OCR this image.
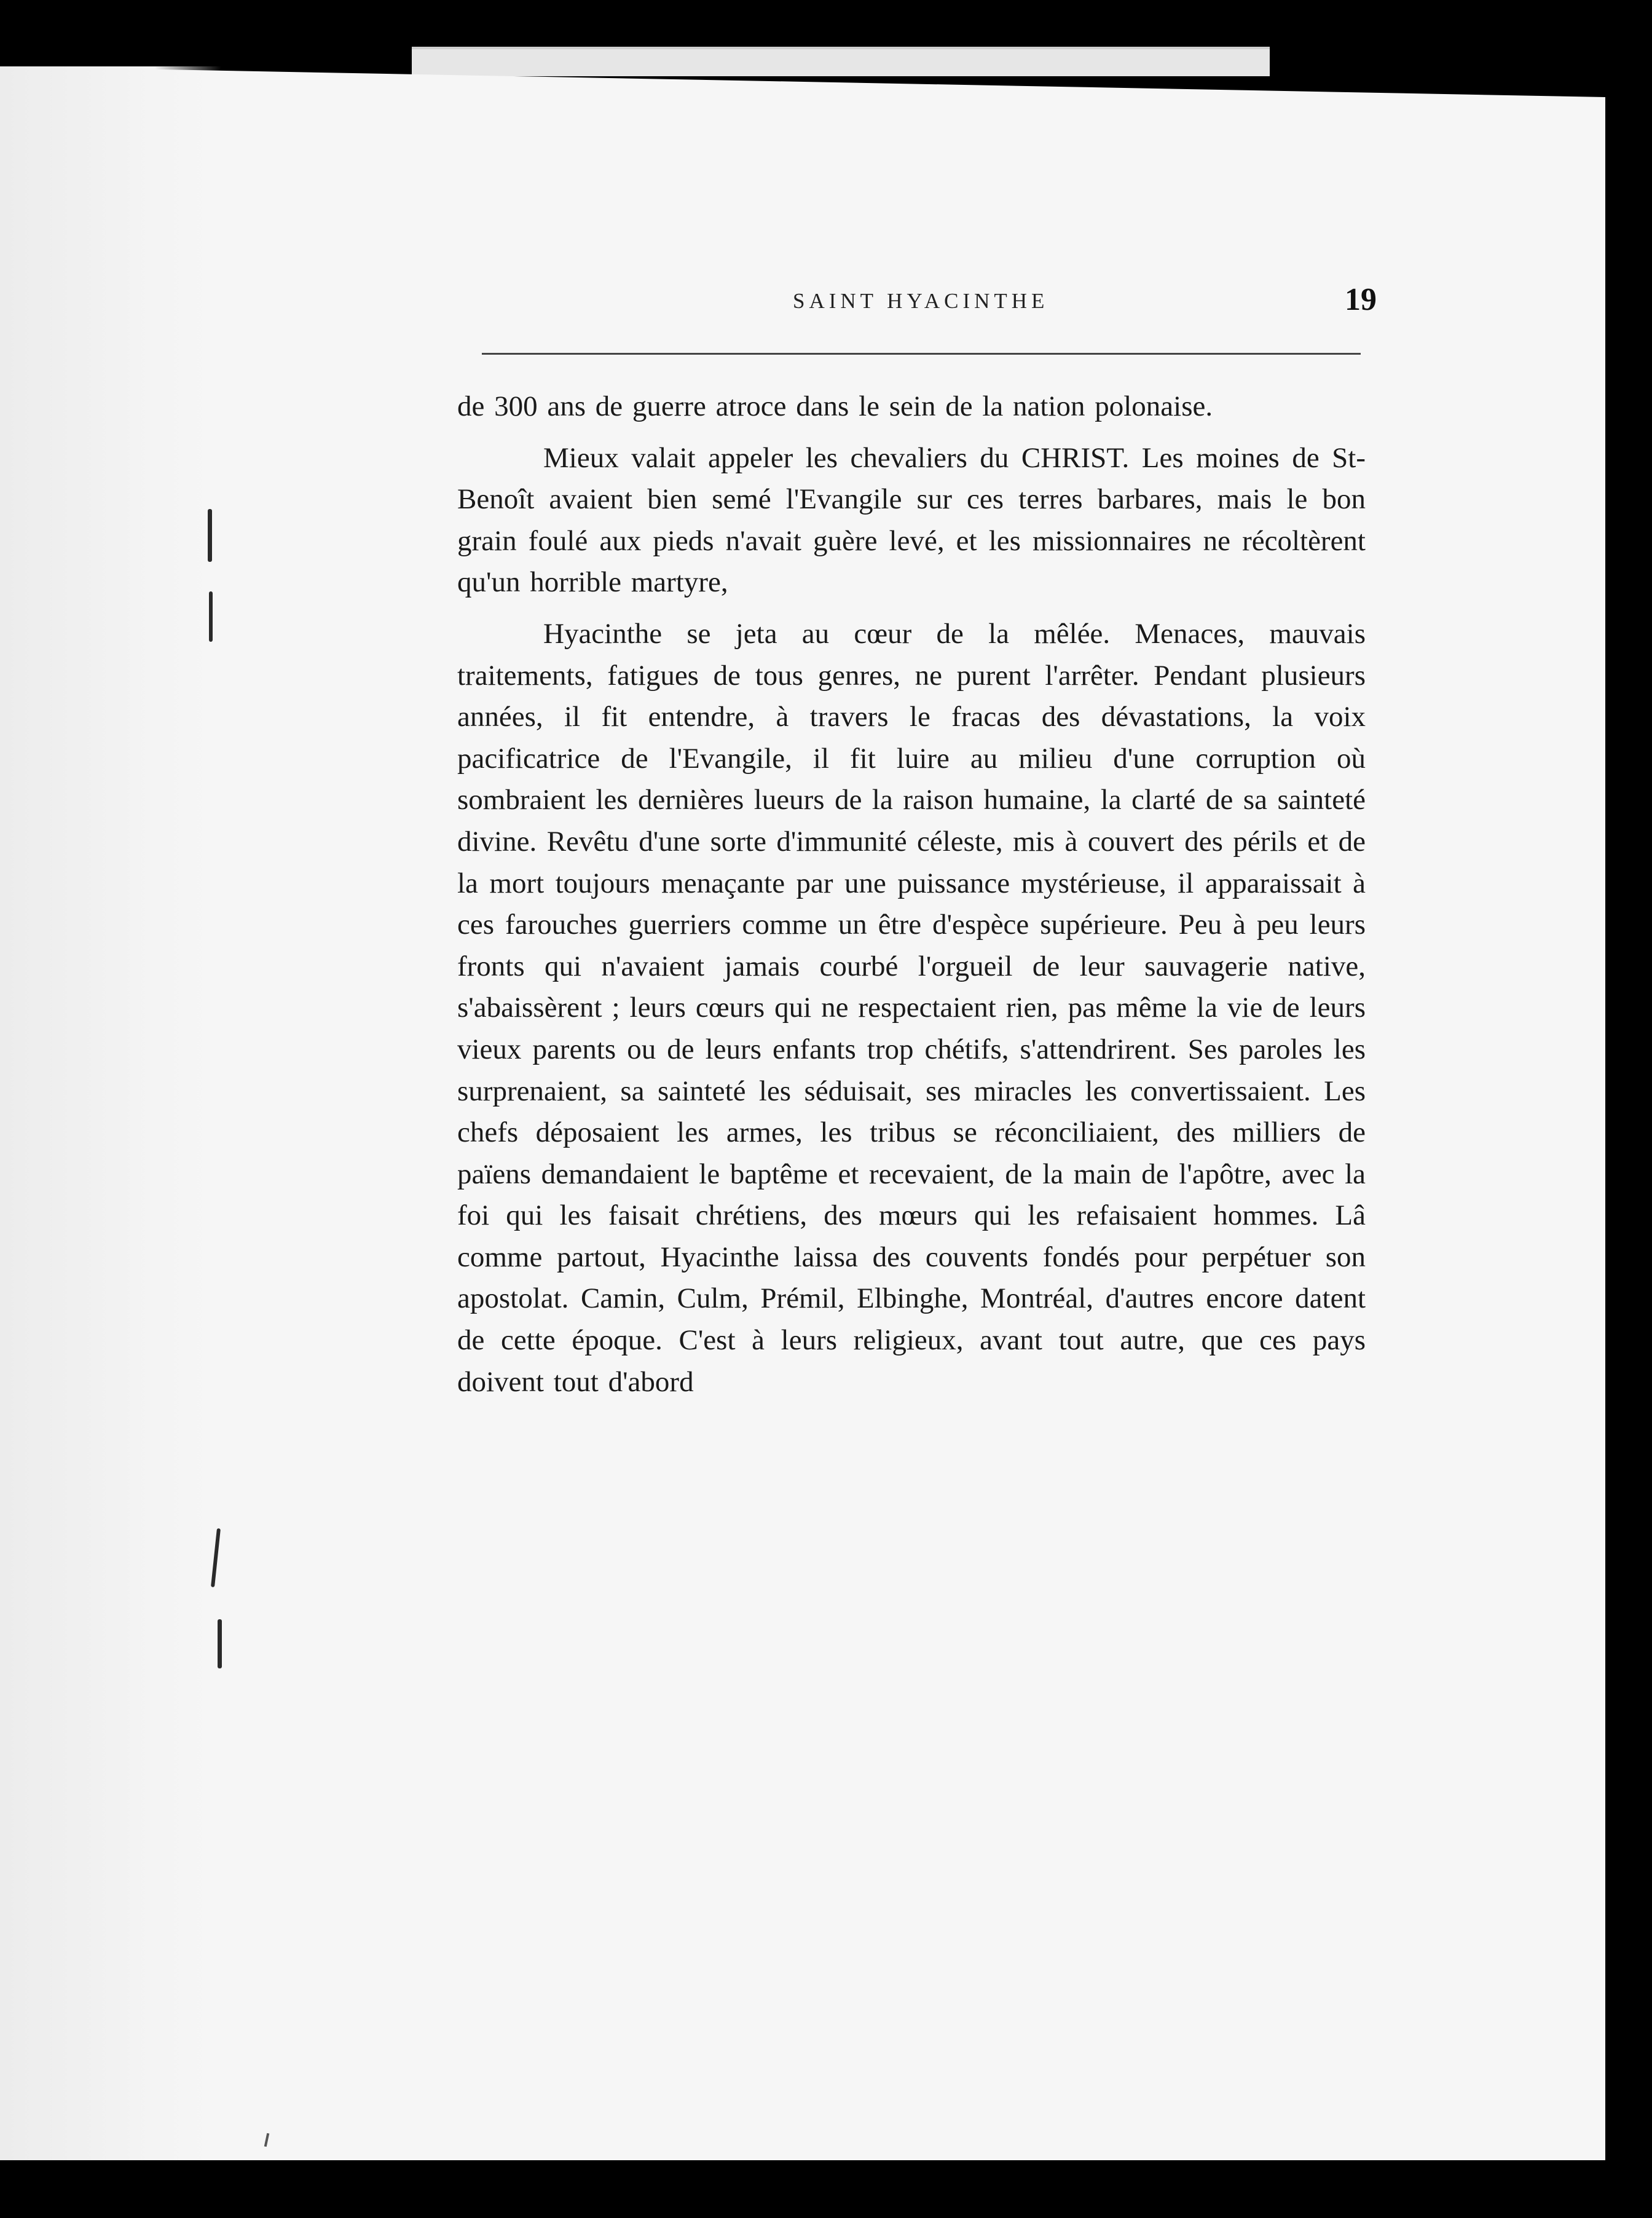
SAINT HYACINTHE	19

de 300 ans de guerre atroce dans le sein de la nation polonaise.

Mieux valait appeler les chevaliers du CHRIST. Les moines de St-Benoît avaient bien semé l'Evangile sur ces terres barbares, mais le bon grain foulé aux pieds n'avait guère levé, et les missionnaires ne récoltèrent qu'un horrible martyre,

Hyacinthe se jeta au cœur de la mêlée. Menaces, mauvais traitements, fatigues de tous genres, ne purent l'arrêter. Pendant plusieurs années, il fit entendre, à travers le fracas des dévastations, la voix pacificatrice de l'Evangile, il fit luire au milieu d'une corruption où sombraient les dernières lueurs de la raison humaine, la clarté de sa sainteté divine. Revêtu d'une sorte d'immunité céleste, mis à couvert des périls et de la mort toujours menaçante par une puissance mystérieuse, il apparaissait à ces farouches guerriers comme un être d'espèce supérieure. Peu à peu leurs fronts qui n'avaient jamais courbé l'orgueil de leur sauvagerie native, s'abaissèrent ; leurs cœurs qui ne respectaient rien, pas même la vie de leurs vieux parents ou de leurs enfants trop chétifs, s'attendrirent. Ses paroles les surprenaient, sa sainteté les séduisait, ses miracles les convertissaient. Les chefs déposaient les armes, les tribus se réconciliaient, des milliers de païens demandaient le baptême et recevaient, de la main de l'apôtre, avec la foi qui les faisait chrétiens, des mœurs qui les refaisaient hommes. Lâ comme partout, Hyacinthe laissa des couvents fondés pour perpétuer son apostolat. Camin, Culm, Prémil, Elbinghe, Montréal, d'autres encore datent de cette époque. C'est à leurs religieux, avant tout autre, que ces pays doivent tout d'abord
